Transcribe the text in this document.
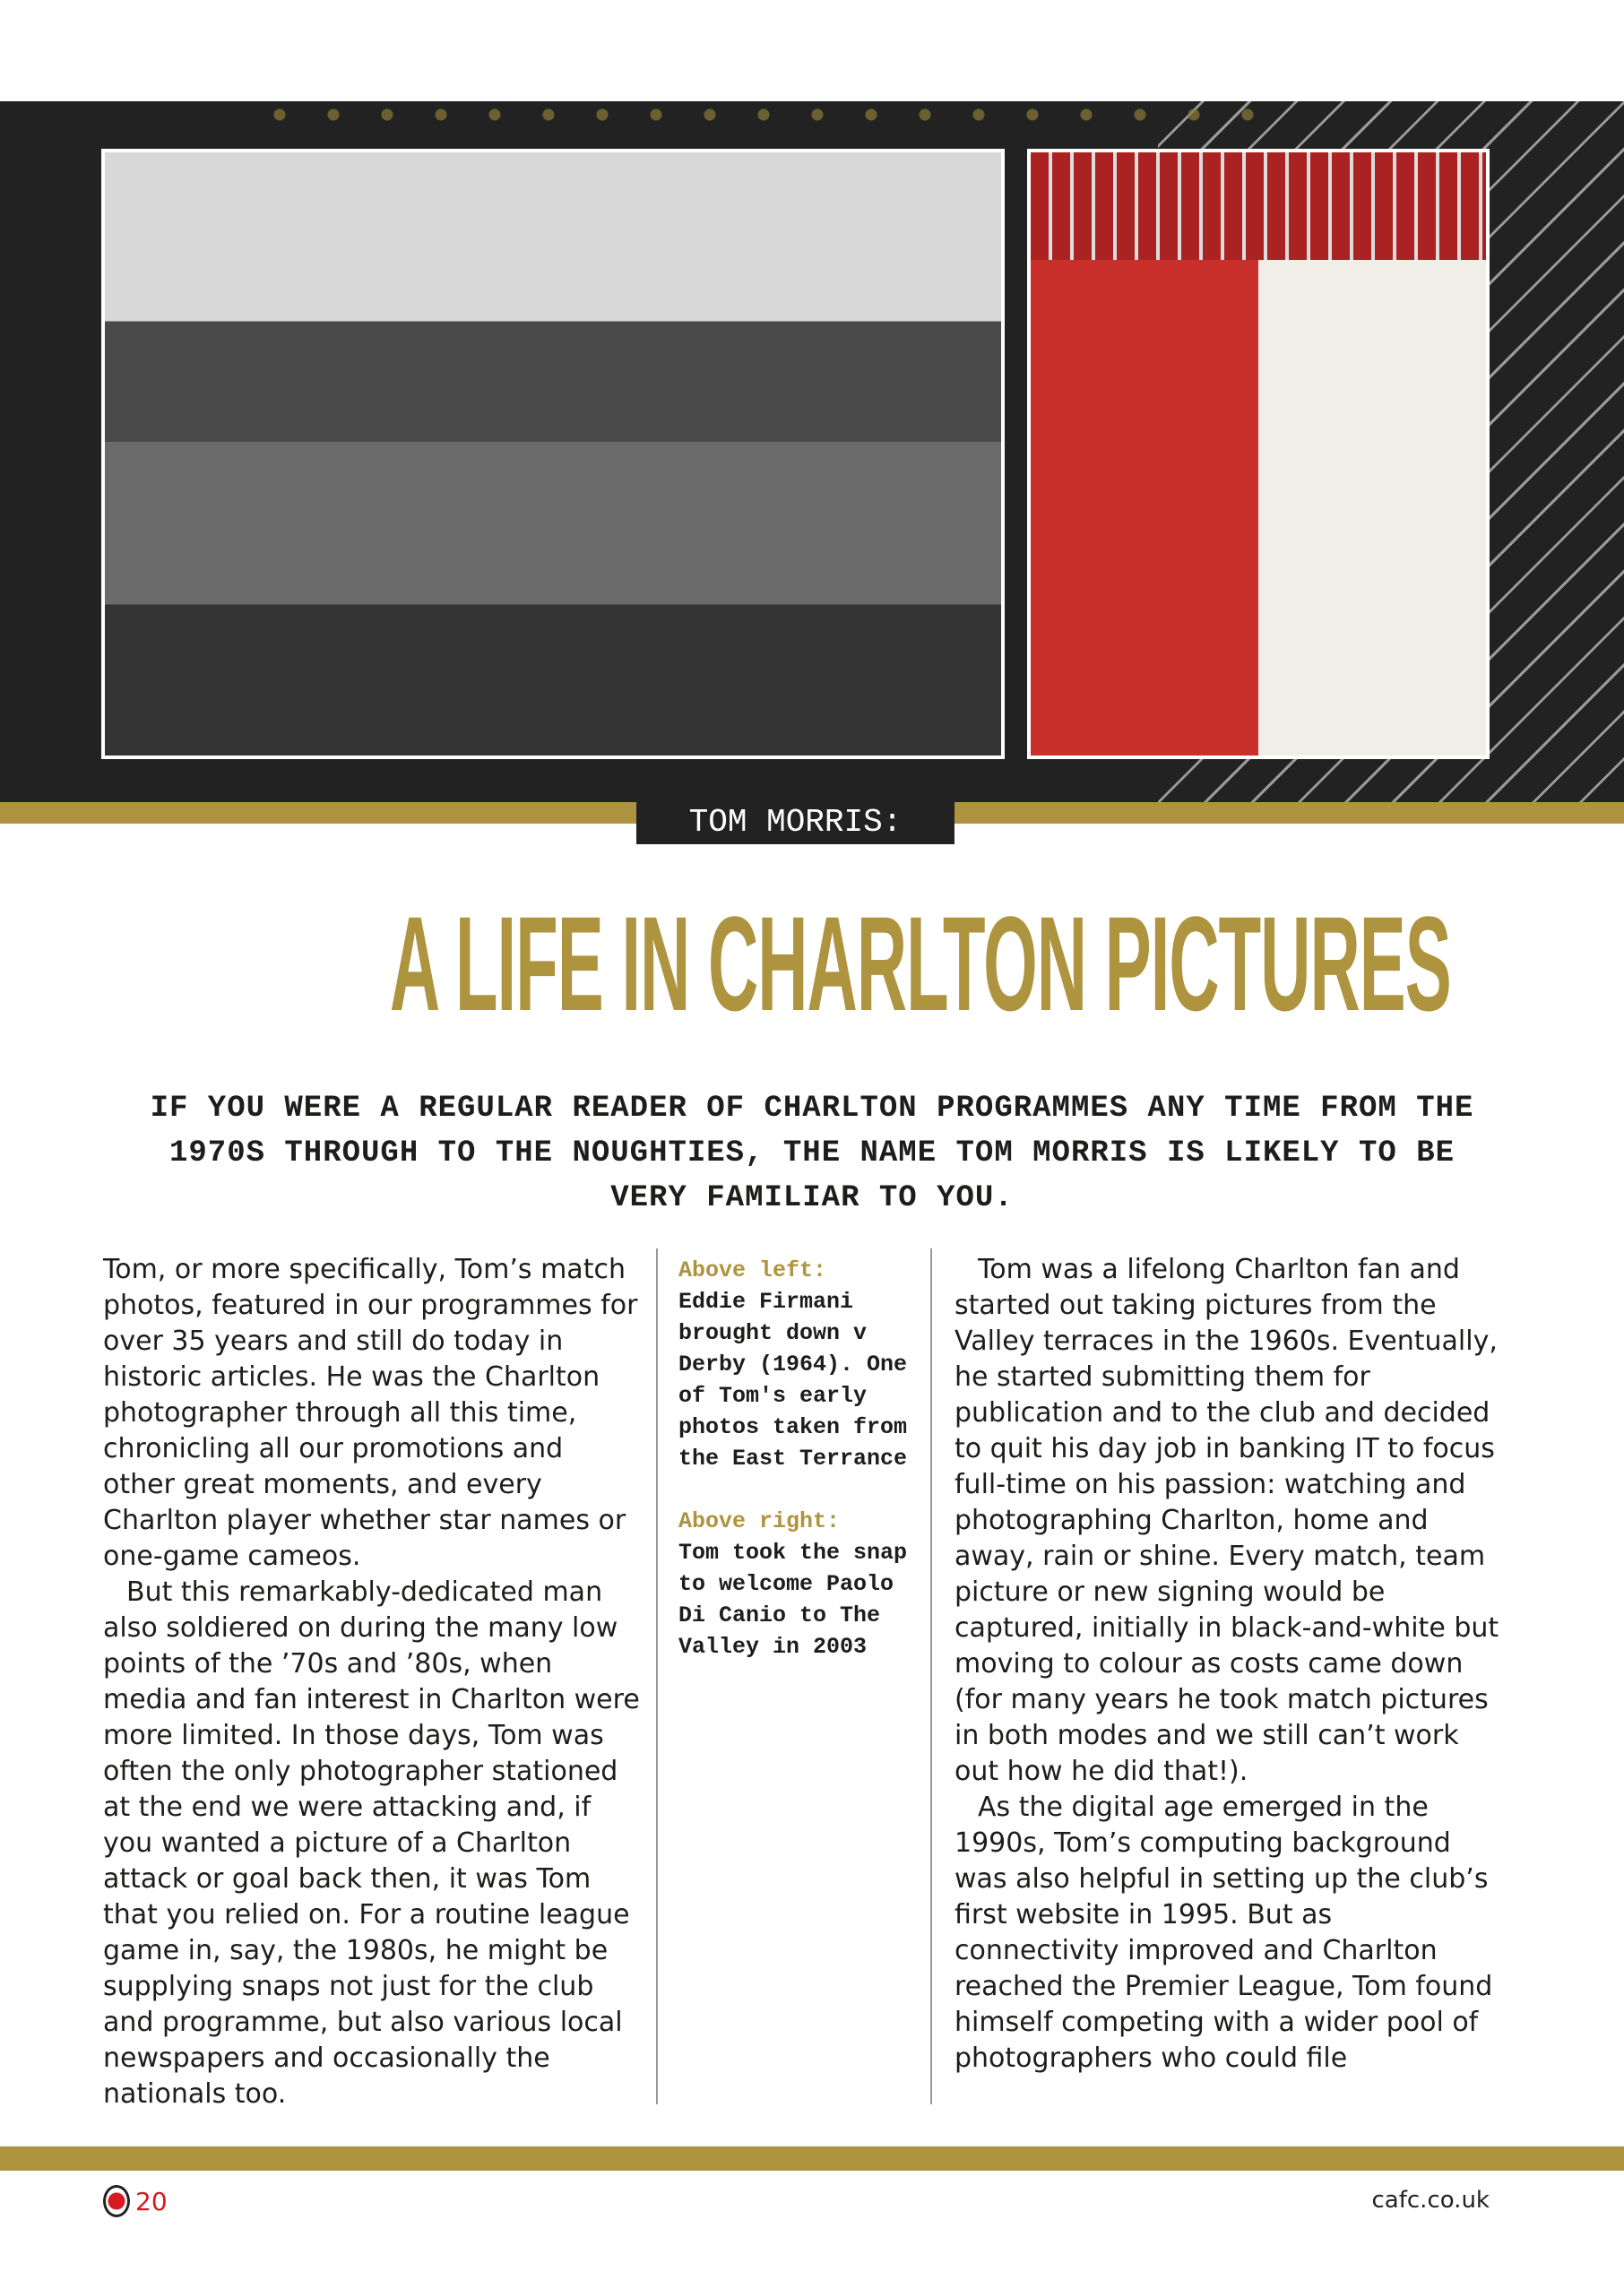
TOM MORRIS:
A LIFE IN CHARLTON PICTURES
IF YOU WERE A REGULAR READER OF CHARLTON PROGRAMMES ANY TIME FROM THE 1970S THROUGH TO THE NOUGHTIES, THE NAME TOM MORRIS IS LIKELY TO BE VERY FAMILIAR TO YOU.

Tom, or more specifically, Tom’s match photos, featured in our programmes for over 35 years and still do today in historic articles. He was the Charlton photographer through all this time, chronicling all our promotions and other great moments, and every Charlton player whether star names or one-game cameos.

But this remarkably-dedicated man also soldiered on during the many low points of the ’70s and ’80s, when media and fan interest in Charlton were more limited. In those days, Tom was often the only photographer stationed at the end we were attacking and, if you wanted a picture of a Charlton attack or goal back then, it was Tom that you relied on. For a routine league game in, say, the 1980s, he might be supplying snaps not just for the club and programme, but also various local newspapers and occasionally the nationals too.

Above left:
Eddie Firmani brought down v Derby (1964). One of Tom's early photos taken from the East Terrance
Above right:
Tom took the snap to welcome Paolo Di Canio to The Valley in 2003

Tom was a lifelong Charlton fan and started out taking pictures from the Valley terraces in the 1960s. Eventually, he started submitting them for publication and to the club and decided to quit his day job in banking IT to focus full-time on his passion: watching and photographing Charlton, home and away, rain or shine. Every match, team picture or new signing would be captured, initially in black-and-white but moving to colour as costs came down (for many years he took match pictures in both modes and we still can’t work out how he did that!).

As the digital age emerged in the 1990s, Tom’s computing background was also helpful in setting up the club’s first website in 1995. But as connectivity improved and Charlton reached the Premier League, Tom found himself competing with a wider pool of photographers who could file

20	cafc.co.uk
